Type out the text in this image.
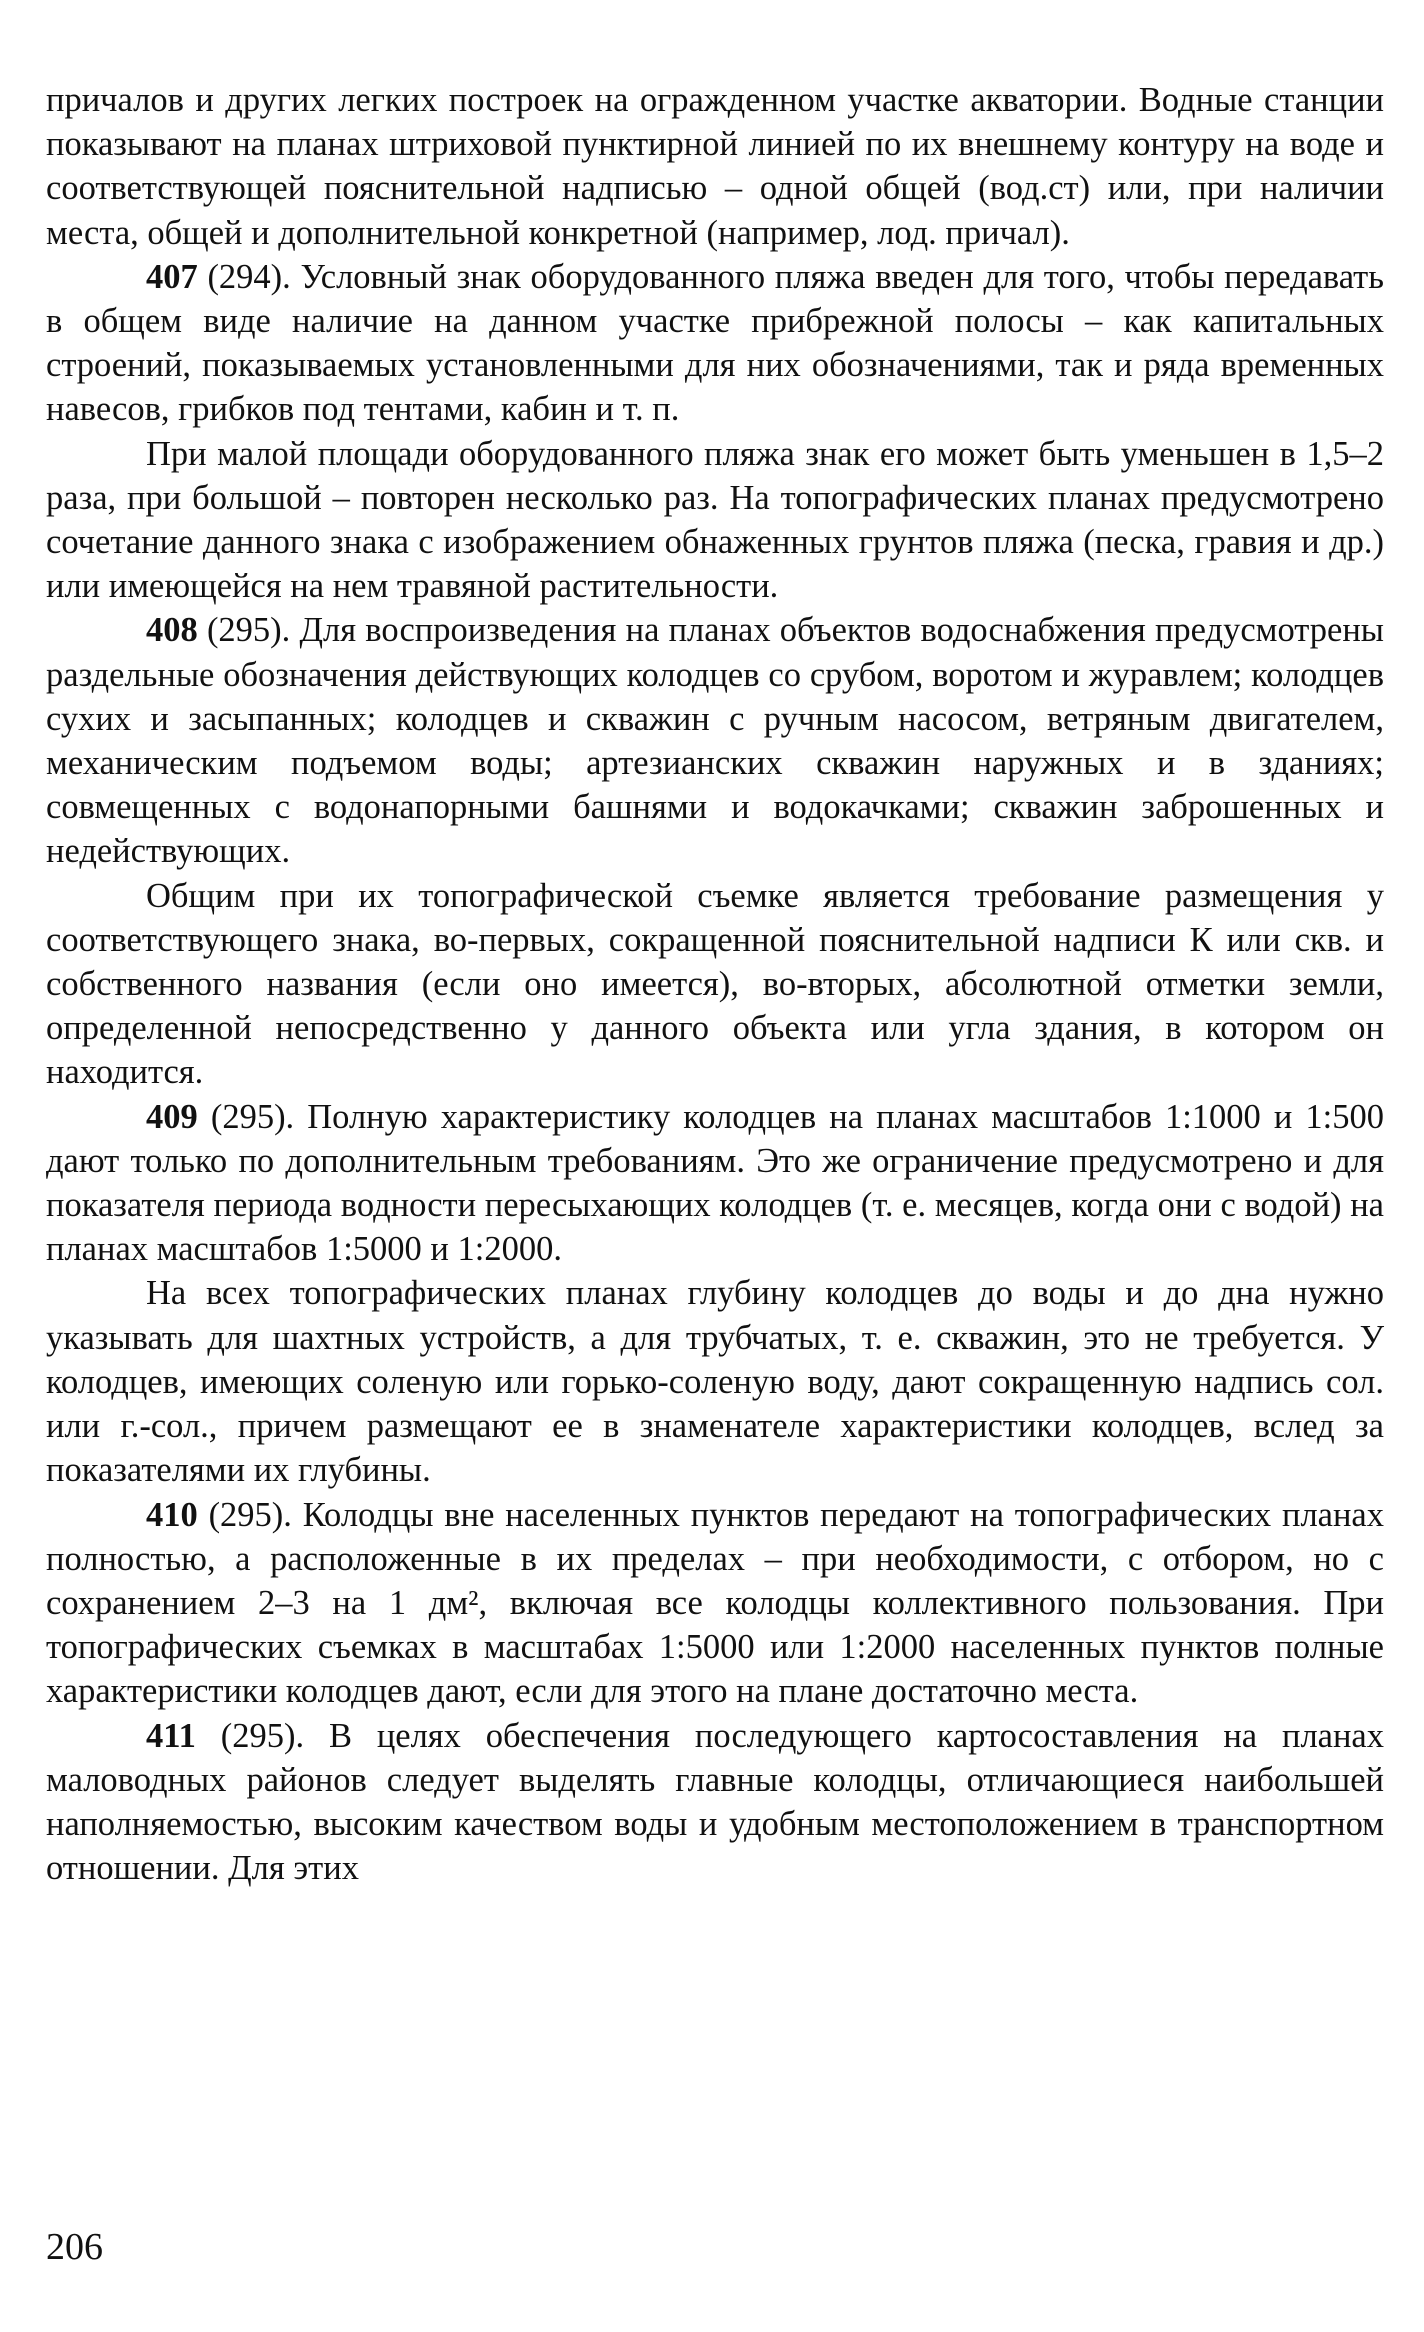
причалов и других легких построек на огражденном участке акватории. Водные станции показывают на планах штриховой пунктирной линией по их внешнему контуру на воде и соответствующей пояснительной надписью – одной общей (вод.ст) или, при наличии места, общей и дополнительной конкретной (например, лод. причал).

407 (294). Условный знак оборудованного пляжа введен для того, чтобы передавать в общем виде наличие на данном участке прибрежной полосы – как капитальных строений, показываемых установленными для них обозначениями, так и ряда временных навесов, грибков под тентами, кабин и т. п.

При малой площади оборудованного пляжа знак его может быть уменьшен в 1,5–2 раза, при большой – повторен несколько раз. На топографических планах предусмотрено сочетание данного знака с изображением обнаженных грунтов пляжа (песка, гравия и др.) или имеющейся на нем травяной растительности.

408 (295). Для воспроизведения на планах объектов водоснабжения предусмотрены раздельные обозначения действующих колодцев со срубом, воротом и журавлем; колодцев сухих и засыпанных; колодцев и скважин с ручным насосом, ветряным двигателем, механическим подъемом воды; артезианских скважин наружных и в зданиях; совмещенных с водонапорными башнями и водокачками; скважин заброшенных и недействующих.

Общим при их топографической съемке является требование размещения у соответствующего знака, во-первых, сокращенной пояснительной надписи К или скв. и собственного названия (если оно имеется), во-вторых, абсолютной отметки земли, определенной непосредственно у данного объекта или угла здания, в котором он находится.

409 (295). Полную характеристику колодцев на планах масштабов 1:1000 и 1:500 дают только по дополнительным требованиям. Это же ограничение предусмотрено и для показателя периода водности пересыхающих колодцев (т. е. месяцев, когда они с водой) на планах масштабов 1:5000 и 1:2000.

На всех топографических планах глубину колодцев до воды и до дна нужно указывать для шахтных устройств, а для трубчатых, т. е. скважин, это не требуется. У колодцев, имеющих соленую или горько-соленую воду, дают сокращенную надпись сол. или г.-сол., причем размещают ее в знаменателе характеристики колодцев, вслед за показателями их глубины.

410 (295). Колодцы вне населенных пунктов передают на топографических планах полностью, а расположенные в их пределах – при необходимости, с отбором, но с сохранением 2–3 на 1 дм², включая все колодцы коллективного пользования. При топографических съемках в масштабах 1:5000 или 1:2000 населенных пунктов полные характеристики колодцев дают, если для этого на плане достаточно места.

411 (295). В целях обеспечения последующего картосоставления на планах маловодных районов следует выделять главные колодцы, отличающиеся наибольшей наполняемостью, высоким качеством воды и удобным местоположением в транспортном отношении. Для этих

206
